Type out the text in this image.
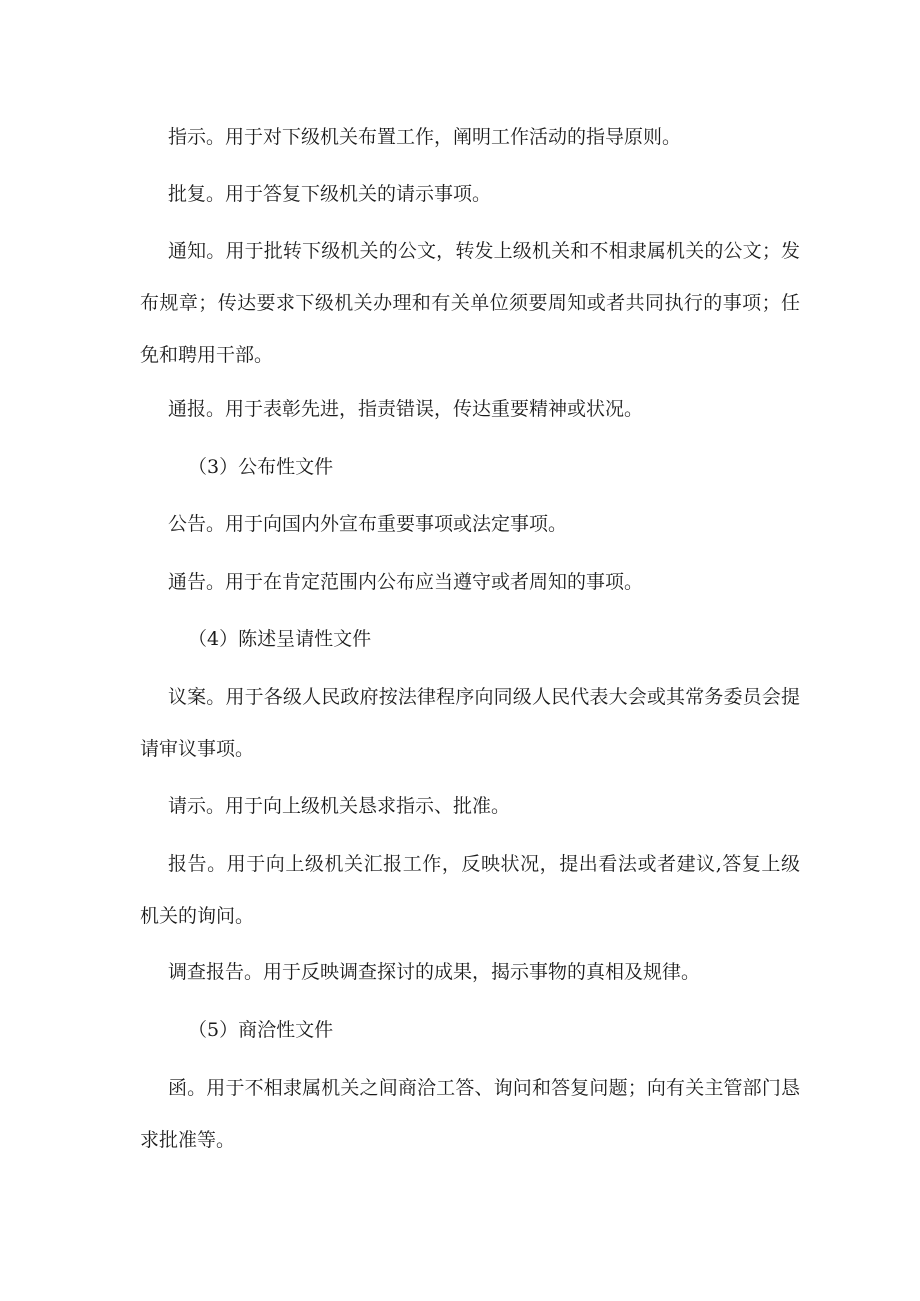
指示。用于对下级机关布置工作，阐明工作活动的指导原则。
批复。用于答复下级机关的请示事项。
通知。用于批转下级机关的公文，转发上级机关和不相隶属机关的公文；发布规章；传达要求下级机关办理和有关单位须要周知或者共同执行的事项；任免和聘用干部。
通报。用于表彰先进，指责错误，传达重要精神或状况。
（3）公布性文件
公告。用于向国内外宣布重要事项或法定事项。
通告。用于在肯定范围内公布应当遵守或者周知的事项。
（4）陈述呈请性文件
议案。用于各级人民政府按法律程序向同级人民代表大会或其常务委员会提请审议事项。
请示。用于向上级机关恳求指示、批准。
报告。用于向上级机关汇报工作，反映状况，提出看法或者建议,答复上级机关的询问。
调查报告。用于反映调查探讨的成果，揭示事物的真相及规律。
（5）商洽性文件
函。用于不相隶属机关之间商洽工答、询问和答复问题；向有关主管部门恳求批准等。
